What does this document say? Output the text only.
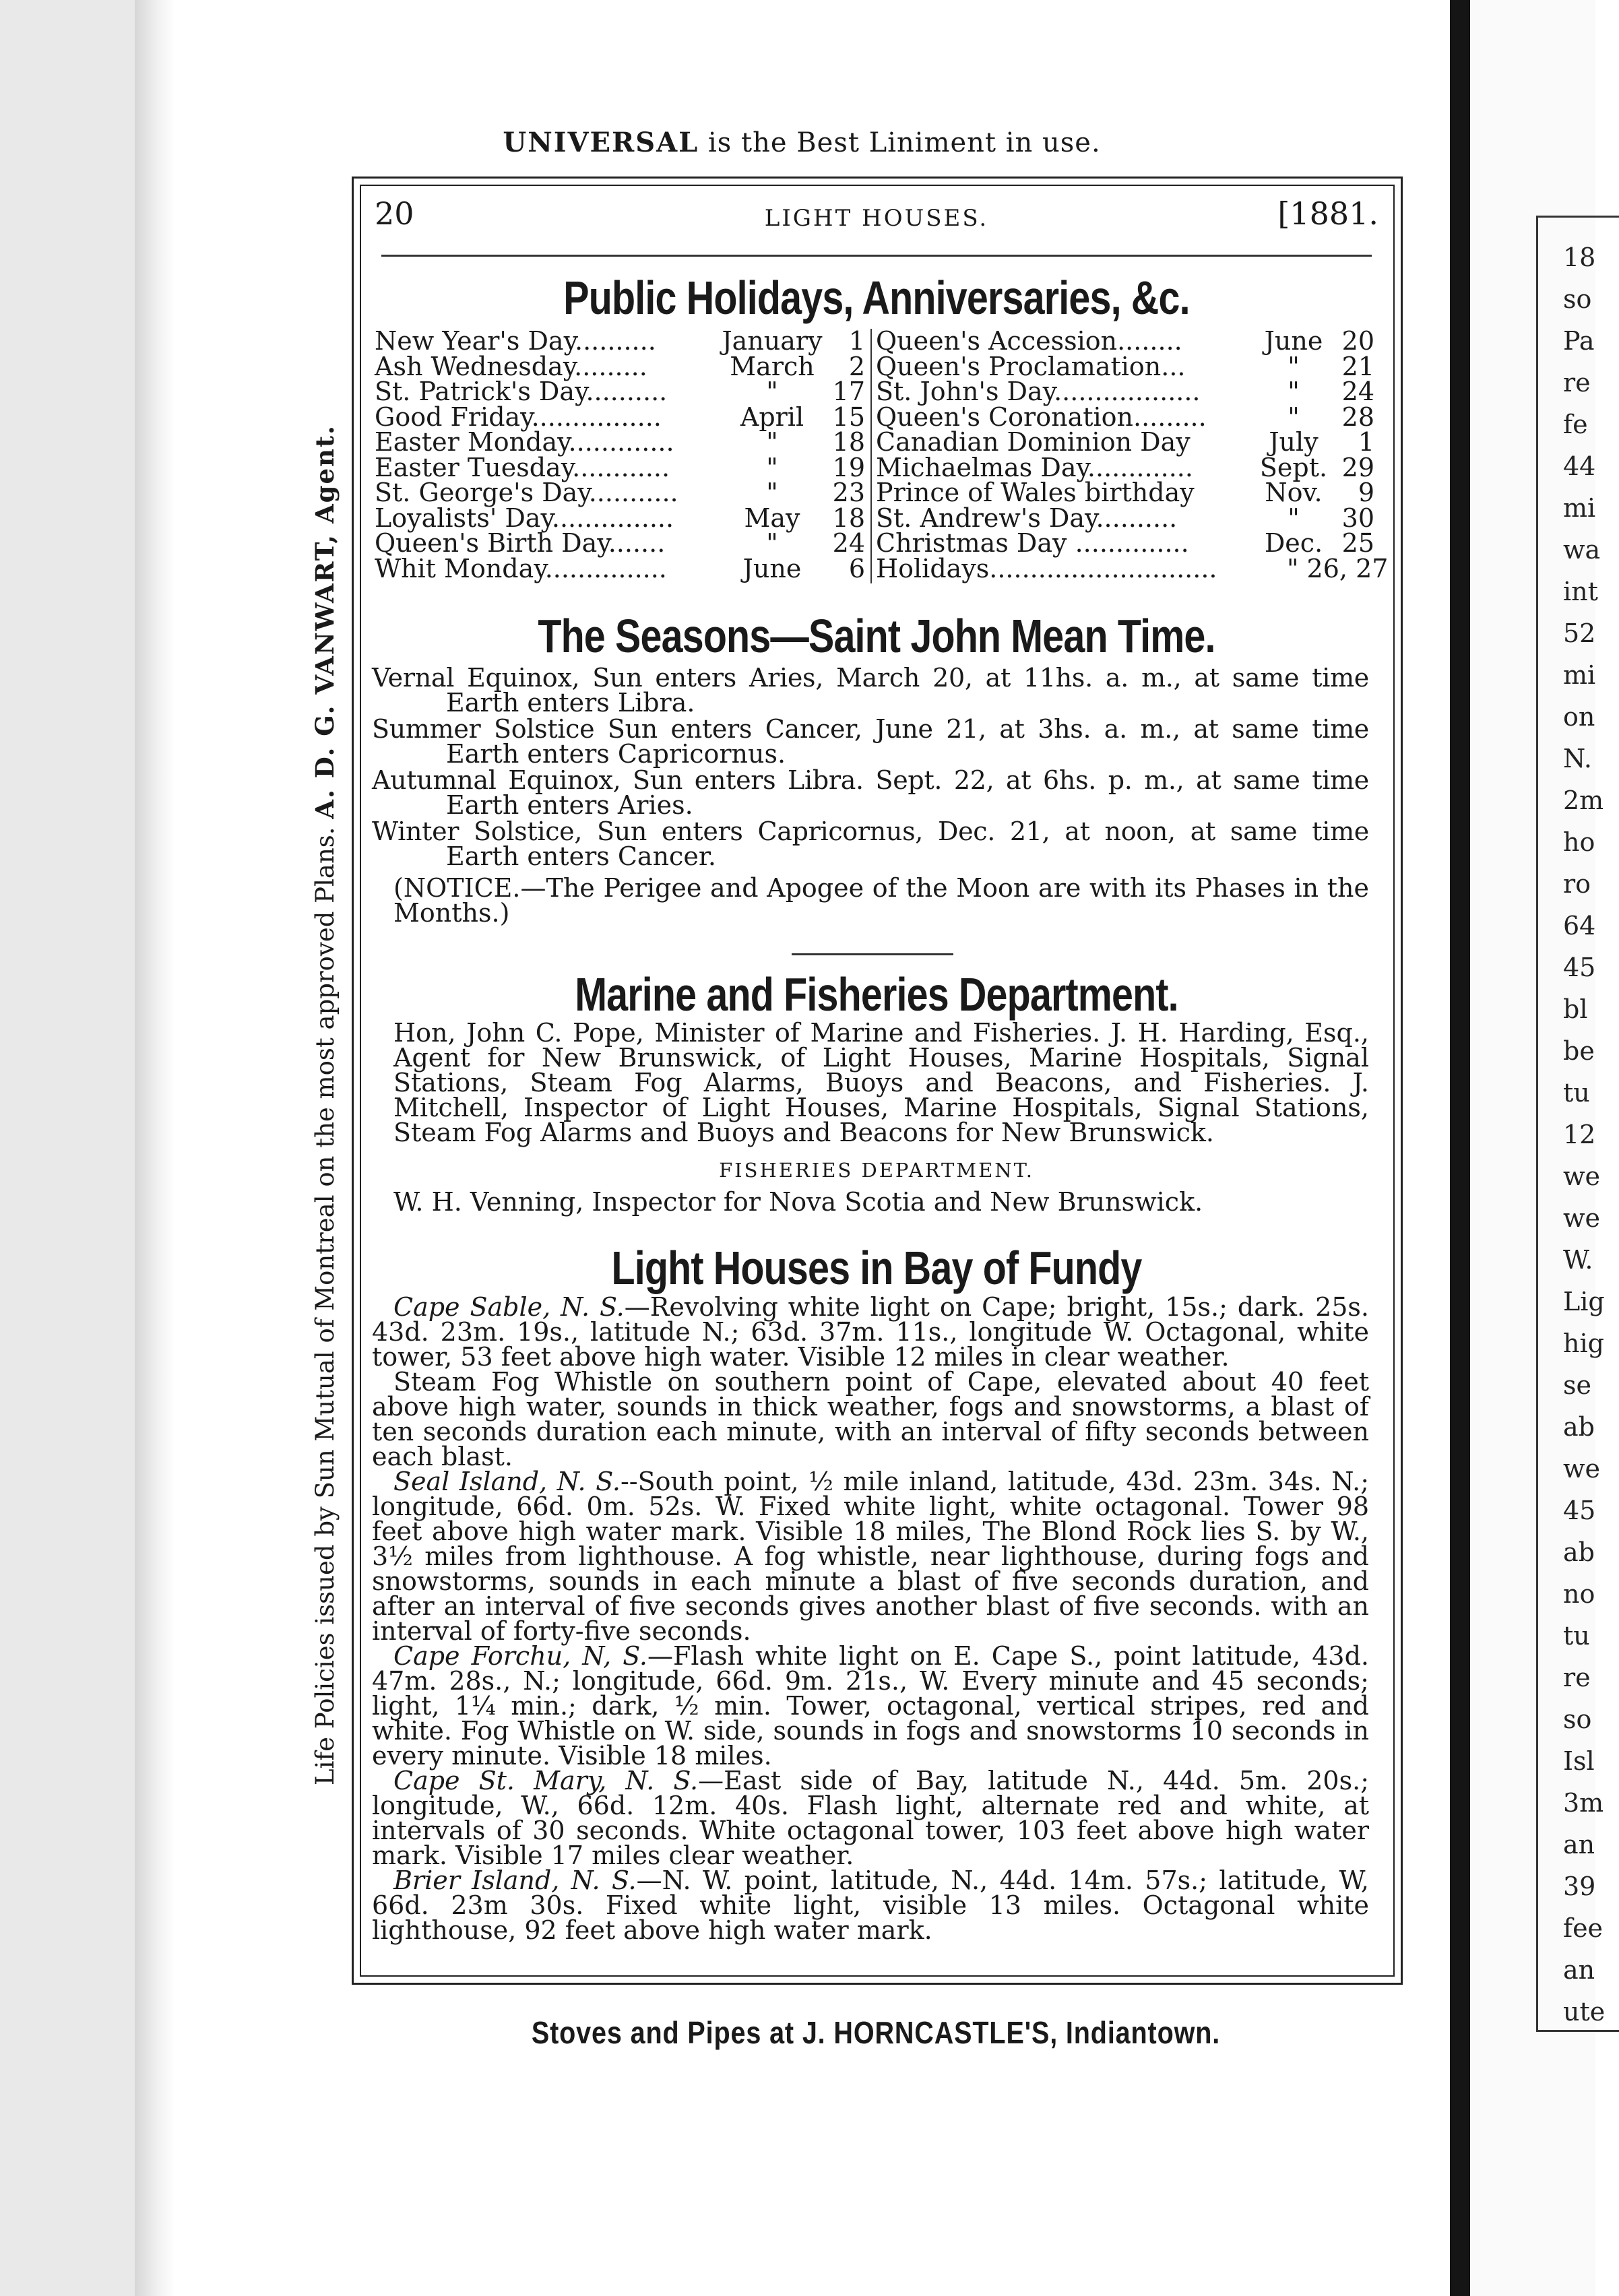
18
so
Pa
re
fe
44
mi
wa
int
52
mi
on
N.
2m
ho
ro
64
45
bl
be
tu
12
we
we
W.
Lig
hig
se
ab
we
45
ab
no
tu
re
so
Isl
3m
an
39
fee
an
ute
UNIVERSAL is the Best Liniment in use.
Life Policies issued by Sun Mutual of Montreal on the most approved Plans. A. D. G. VANWART, Agent.
20	LIGHT HOUSES.	[1881.
Public Holidays, Anniversaries, &c.
New Year's Day..........	January	1
Ash Wednesday.........	March	2
St. Patrick's Day..........	"	17
Good Friday................	April	15
Easter Monday.............	"	18
Easter Tuesday............	"	19
St. George's Day...........	"	23
Loyalists' Day...............	May	18
Queen's Birth Day.......	"	24
Whit Monday...............	June	6
Queen's Accession........	June 20
Queen's Proclamation...	"	21
St. John's Day..................	"	24
Queen's Coronation.........	"	28
Canadian Dominion Day	July	1
Michaelmas Day.............	Sept. 29
Prince of Wales birthday	Nov.	9
St. Andrew's Day..........	"	30
Christmas Day ..............	Dec. 25
Holidays............................	" 26, 27
The Seasons—Saint John Mean Time.
Vernal Equinox, Sun enters Aries, March 20, at 11hs. a. m., at same time
Earth enters Libra.
Summer Solstice Sun enters Cancer, June 21, at 3hs. a. m., at same time
Earth enters Capricornus.
Autumnal Equinox, Sun enters Libra. Sept. 22, at 6hs. p. m., at same time
Earth enters Aries.
Winter Solstice, Sun enters Capricornus, Dec. 21, at noon, at same time
Earth enters Cancer.
(NOTICE.—The Perigee and Apogee of the Moon are with its Phases in the Months.)
Marine and Fisheries Department.
Hon, John C. Pope, Minister of Marine and Fisheries. J. H. Harding, Esq., Agent for New Brunswick, of Light Houses, Marine Hospitals, Signal Stations, Steam Fog Alarms, Buoys and Beacons, and Fisheries. J. Mitchell, Inspector of Light Houses, Marine Hospitals, Signal Stations, Steam Fog Alarms and Buoys and Beacons for New Brunswick.
FISHERIES DEPARTMENT.
W. H. Venning, Inspector for Nova Scotia and New Brunswick.
Light Houses in Bay of Fundy
Cape Sable, N. S.—Revolving white light on Cape; bright, 15s.; dark. 25s. 43d. 23m. 19s., latitude N.; 63d. 37m. 11s., longitude W. Octagonal, white tower, 53 feet above high water. Visible 12 miles in clear weather.
Steam Fog Whistle on southern point of Cape, elevated about 40 feet above high water, sounds in thick weather, fogs and snowstorms, a blast of ten seconds duration each minute, with an interval of fifty seconds between each blast.
Seal Island, N. S.--South point, ½ mile inland, latitude, 43d. 23m. 34s. N.; longitude, 66d. 0m. 52s. W. Fixed white light, white octagonal. Tower 98 feet above high water mark. Visible 18 miles, The Blond Rock lies S. by W., 3½ miles from lighthouse. A fog whistle, near lighthouse, during fogs and snowstorms, sounds in each minute a blast of five seconds duration, and after an interval of five seconds gives another blast of five seconds. with an interval of forty-five seconds.
Cape Forchu, N, S.—Flash white light on E. Cape S., point latitude, 43d. 47m. 28s., N.; longitude, 66d. 9m. 21s., W. Every minute and 45 seconds; light, 1¼ min.; dark, ½ min. Tower, octagonal, vertical stripes, red and white. Fog Whistle on W. side, sounds in fogs and snowstorms 10 seconds in every minute. Visible 18 miles.
Cape St. Mary, N. S.—East side of Bay, latitude N., 44d. 5m. 20s.; longitude, W., 66d. 12m. 40s. Flash light, alternate red and white, at intervals of 30 seconds. White octagonal tower, 103 feet above high water mark. Visible 17 miles clear weather.
Brier Island, N. S.—N. W. point, latitude, N., 44d. 14m. 57s.; latitude, W, 66d. 23m 30s. Fixed white light, visible 13 miles. Octagonal white lighthouse, 92 feet above high water mark.
Stoves and Pipes at J. HORNCASTLE'S, Indiantown.
